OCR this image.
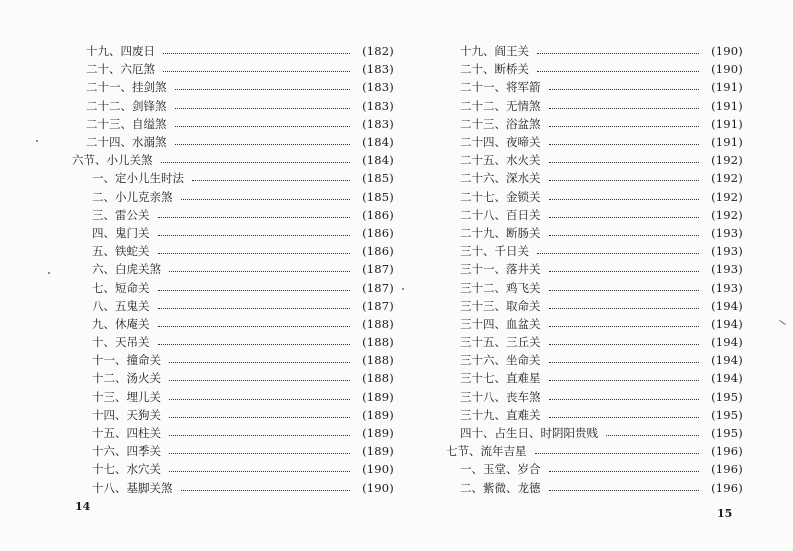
十九、四废日	(182)
二十、六厄煞	(183)
二十一、挂剑煞	(183)
二十二、剑锋煞	(183)
二十三、自缢煞	(183)
二十四、水溺煞	(184)
六节、小儿关煞	(184)
一、定小儿生时法	(185)
二、小儿克亲煞	(185)
三、雷公关	(186)
四、鬼门关	(186)
五、铁蛇关	(186)
六、白虎关煞	(187)
七、短命关	(187)
八、五鬼关	(187)
九、休庵关	(188)
十、天吊关	(188)
十一、撞命关	(188)
十二、汤火关	(188)
十三、埋儿关	(189)
十四、天狗关	(189)
十五、四柱关	(189)
十六、四季关	(189)
十七、水穴关	(190)
十八、基脚关煞	(190)
十九、阎王关	(190)
二十、断桥关	(190)
二十一、将军箭	(191)
二十二、无情煞	(191)
二十三、浴盆煞	(191)
二十四、夜啼关	(191)
二十五、水火关	(192)
二十六、深水关	(192)
二十七、金锁关	(192)
二十八、百日关	(192)
二十九、断肠关	(193)
三十、千日关	(193)
三十一、落井关	(193)
三十二、鸡飞关	(193)
三十三、取命关	(194)
三十四、血盆关	(194)
三十五、三丘关	(194)
三十六、坐命关	(194)
三十七、直难星	(194)
三十八、丧车煞	(195)
三十九、直难关	(195)
四十、占生日、时阴阳贵贱	(195)
七节、流年吉星	(196)
一、玉堂、岁合	(196)
二、紫微、龙德	(196)
14
15
